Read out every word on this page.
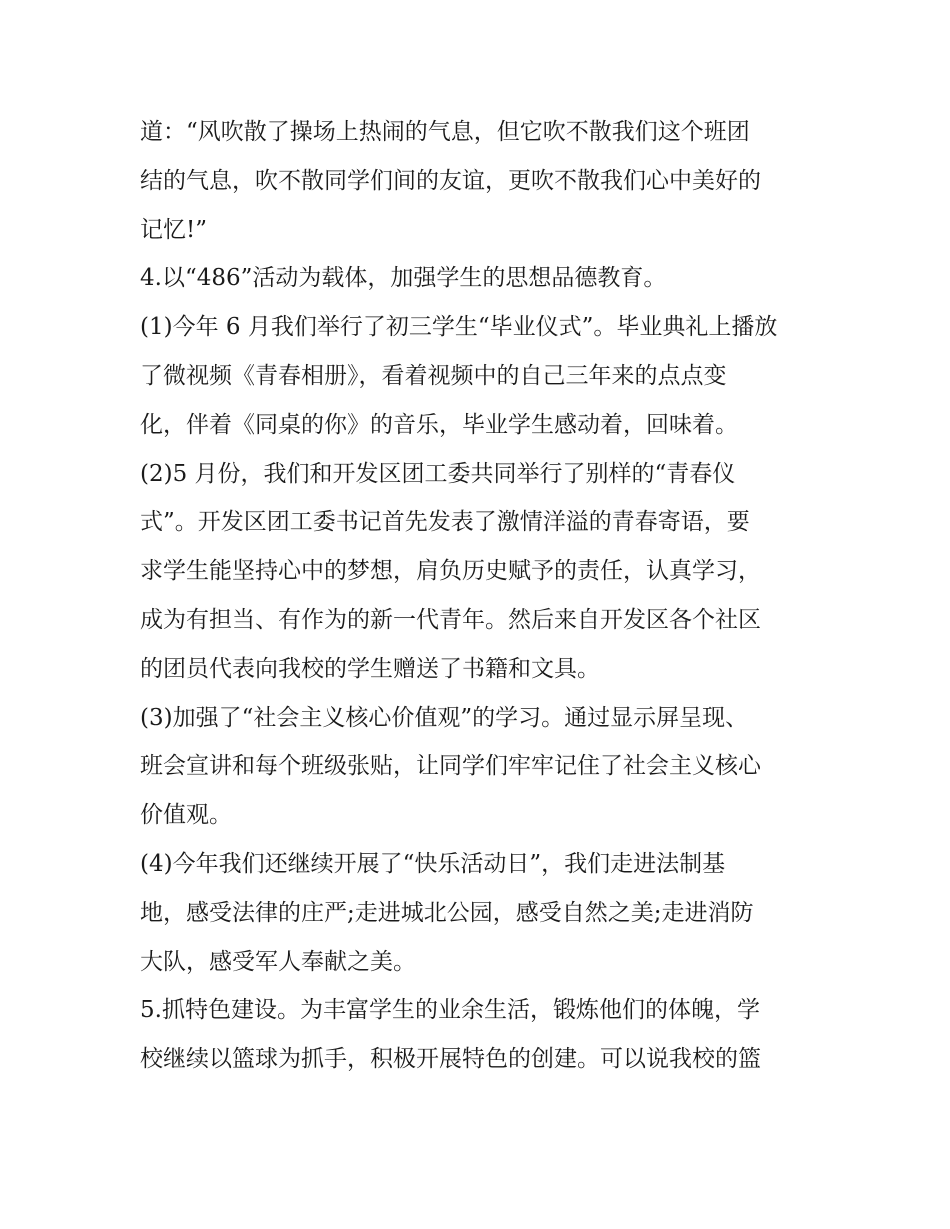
道：“风吹散了操场上热闹的气息，但它吹不散我们这个班团
结的气息，吹不散同学们间的友谊，更吹不散我们心中美好的
记忆!”
4.以“486”活动为载体，加强学生的思想品德教育。
(1)今年 6 月我们举行了初三学生“毕业仪式”。毕业典礼上播放
了微视频《青春相册》，看着视频中的自己三年来的点点变
化，伴着《同桌的你》的音乐，毕业学生感动着，回味着。
(2)5 月份，我们和开发区团工委共同举行了别样的“青春仪
式”。开发区团工委书记首先发表了激情洋溢的青春寄语，要
求学生能坚持心中的梦想，肩负历史赋予的责任，认真学习，
成为有担当、有作为的新一代青年。然后来自开发区各个社区
的团员代表向我校的学生赠送了书籍和文具。
(3)加强了“社会主义核心价值观”的学习。通过显示屏呈现、
班会宣讲和每个班级张贴，让同学们牢牢记住了社会主义核心
价值观。
(4)今年我们还继续开展了“快乐活动日”，我们走进法制基
地，感受法律的庄严;走进城北公园，感受自然之美;走进消防
大队，感受军人奉献之美。
5.抓特色建设。为丰富学生的业余生活，锻炼他们的体魄，学
校继续以篮球为抓手，积极开展特色的创建。可以说我校的篮
